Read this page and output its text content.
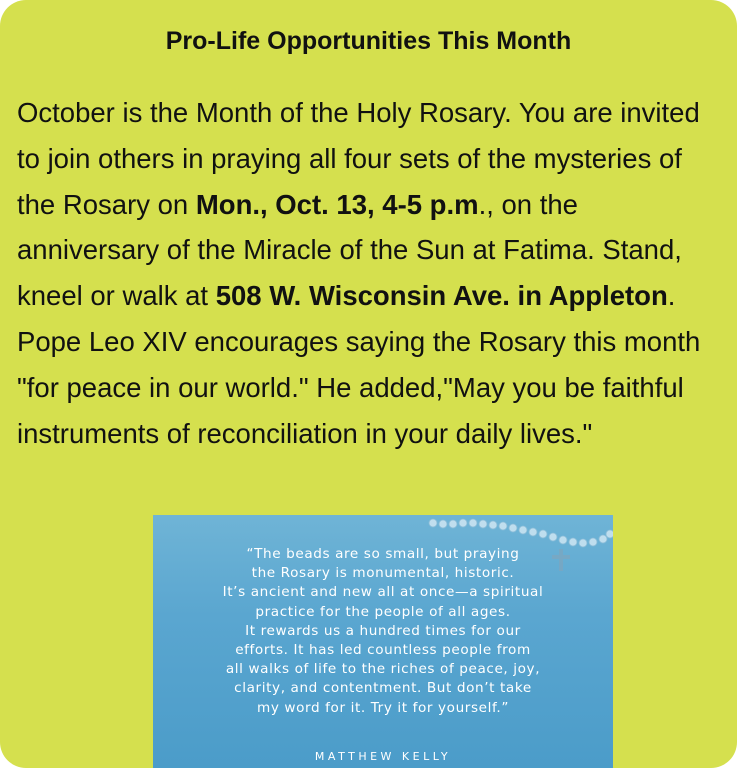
Pro-Life Opportunities This Month

October is the Month of the Holy Rosary. You are invited to join others in praying all four sets of the mysteries of the Rosary on Mon., Oct. 13, 4-5 p.m., on the anniversary of the Miracle of the Sun at Fatima. Stand, kneel or walk at 508 W. Wisconsin Ave. in Appleton. Pope Leo XIV encourages saying the Rosary this month "for peace in our world." He added,"May you be faithful instruments of reconciliation in your daily lives."

“The beads are so small, but praying
the Rosary is monumental, historic.
It’s ancient and new all at once—a spiritual
practice for the people of all ages.
It rewards us a hundred times for our
efforts. It has led countless people from
all walks of life to the riches of peace, joy,
clarity, and contentment. But don’t take
my word for it. Try it for yourself.”
MATTHEW KELLY
